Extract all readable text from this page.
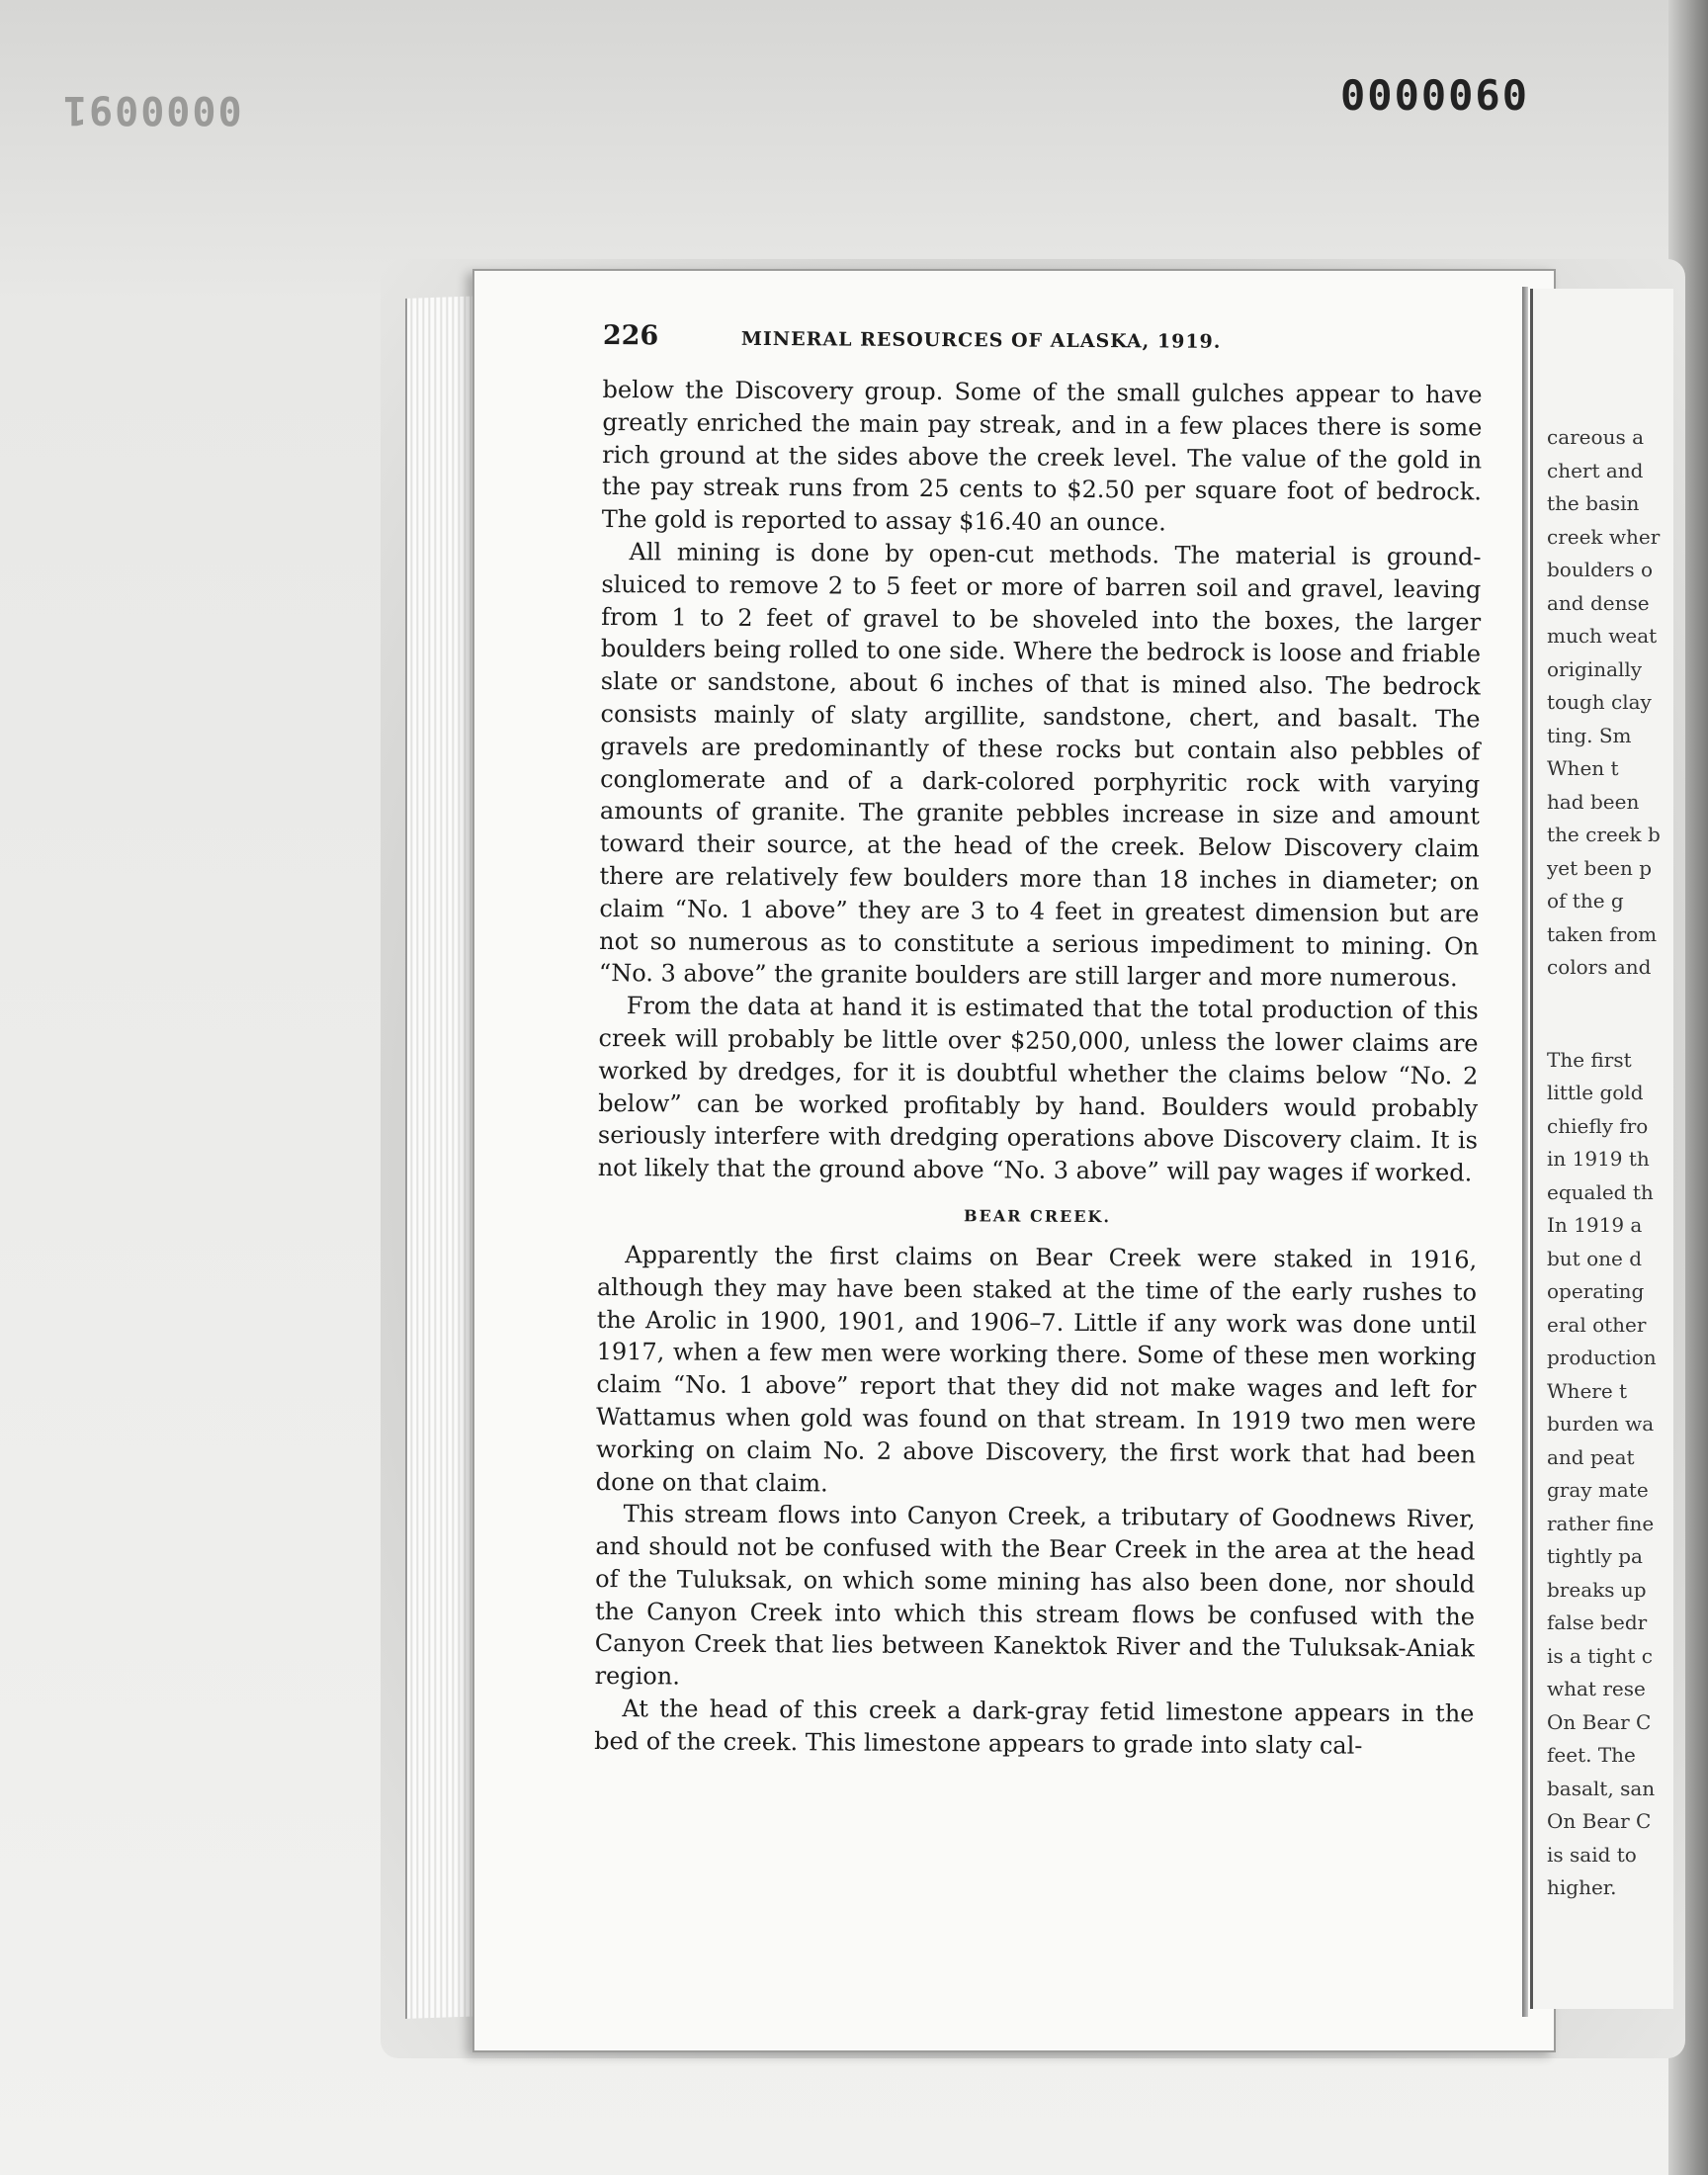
0000091	0000060
226	MINERAL RESOURCES OF ALASKA, 1919.

below the Discovery group. Some of the small gulches appear to have greatly enriched the main pay streak, and in a few places there is some rich ground at the sides above the creek level. The value of the gold in the pay streak runs from 25 cents to $2.50 per square foot of bedrock. The gold is reported to assay $16.40 an ounce.

All mining is done by open-cut methods. The material is ground-sluiced to remove 2 to 5 feet or more of barren soil and gravel, leaving from 1 to 2 feet of gravel to be shoveled into the boxes, the larger boulders being rolled to one side. Where the bedrock is loose and friable slate or sandstone, about 6 inches of that is mined also. The bedrock consists mainly of slaty argillite, sandstone, chert, and basalt. The gravels are predominantly of these rocks but contain also pebbles of conglomerate and of a dark-colored porphyritic rock with varying amounts of granite. The granite pebbles increase in size and amount toward their source, at the head of the creek. Below Discovery claim there are relatively few boulders more than 18 inches in diameter; on claim “No. 1 above” they are 3 to 4 feet in greatest dimension but are not so numerous as to constitute a serious impediment to mining. On “No. 3 above” the granite boulders are still larger and more numerous.

From the data at hand it is estimated that the total production of this creek will probably be little over $250,000, unless the lower claims are worked by dredges, for it is doubtful whether the claims below “No. 2 below” can be worked profitably by hand. Boulders would probably seriously interfere with dredging operations above Discovery claim. It is not likely that the ground above “No. 3 above” will pay wages if worked.

BEAR CREEK.

Apparently the first claims on Bear Creek were staked in 1916, although they may have been staked at the time of the early rushes to the Arolic in 1900, 1901, and 1906–7. Little if any work was done until 1917, when a few men were working there. Some of these men working claim “No. 1 above” report that they did not make wages and left for Wattamus when gold was found on that stream. In 1919 two men were working on claim No. 2 above Discovery, the first work that had been done on that claim.

This stream flows into Canyon Creek, a tributary of Goodnews River, and should not be confused with the Bear Creek in the area at the head of the Tuluksak, on which some mining has also been done, nor should the Canyon Creek into which this stream flows be confused with the Canyon Creek that lies between Kanektok River and the Tuluksak-Aniak region.

At the head of this creek a dark-gray fetid limestone appears in the bed of the creek. This limestone appears to grade into slaty cal-

careous a
chert and
the basin
creek wher
boulders o
and dense
much weat
originally
tough clay
ting. Sm
When t
had been
the creek b
yet been p
of the g
taken from
colors and
The first
little gold
chiefly fro
in 1919 th
equaled th
In 1919 a
but one d
operating
eral other
production
Where t
burden wa
and peat
gray mate
rather fine
tightly pa
breaks up
false bedr
is a tight c
what rese
On Bear C
feet. The
basalt, san
On Bear C
is said to
higher.
